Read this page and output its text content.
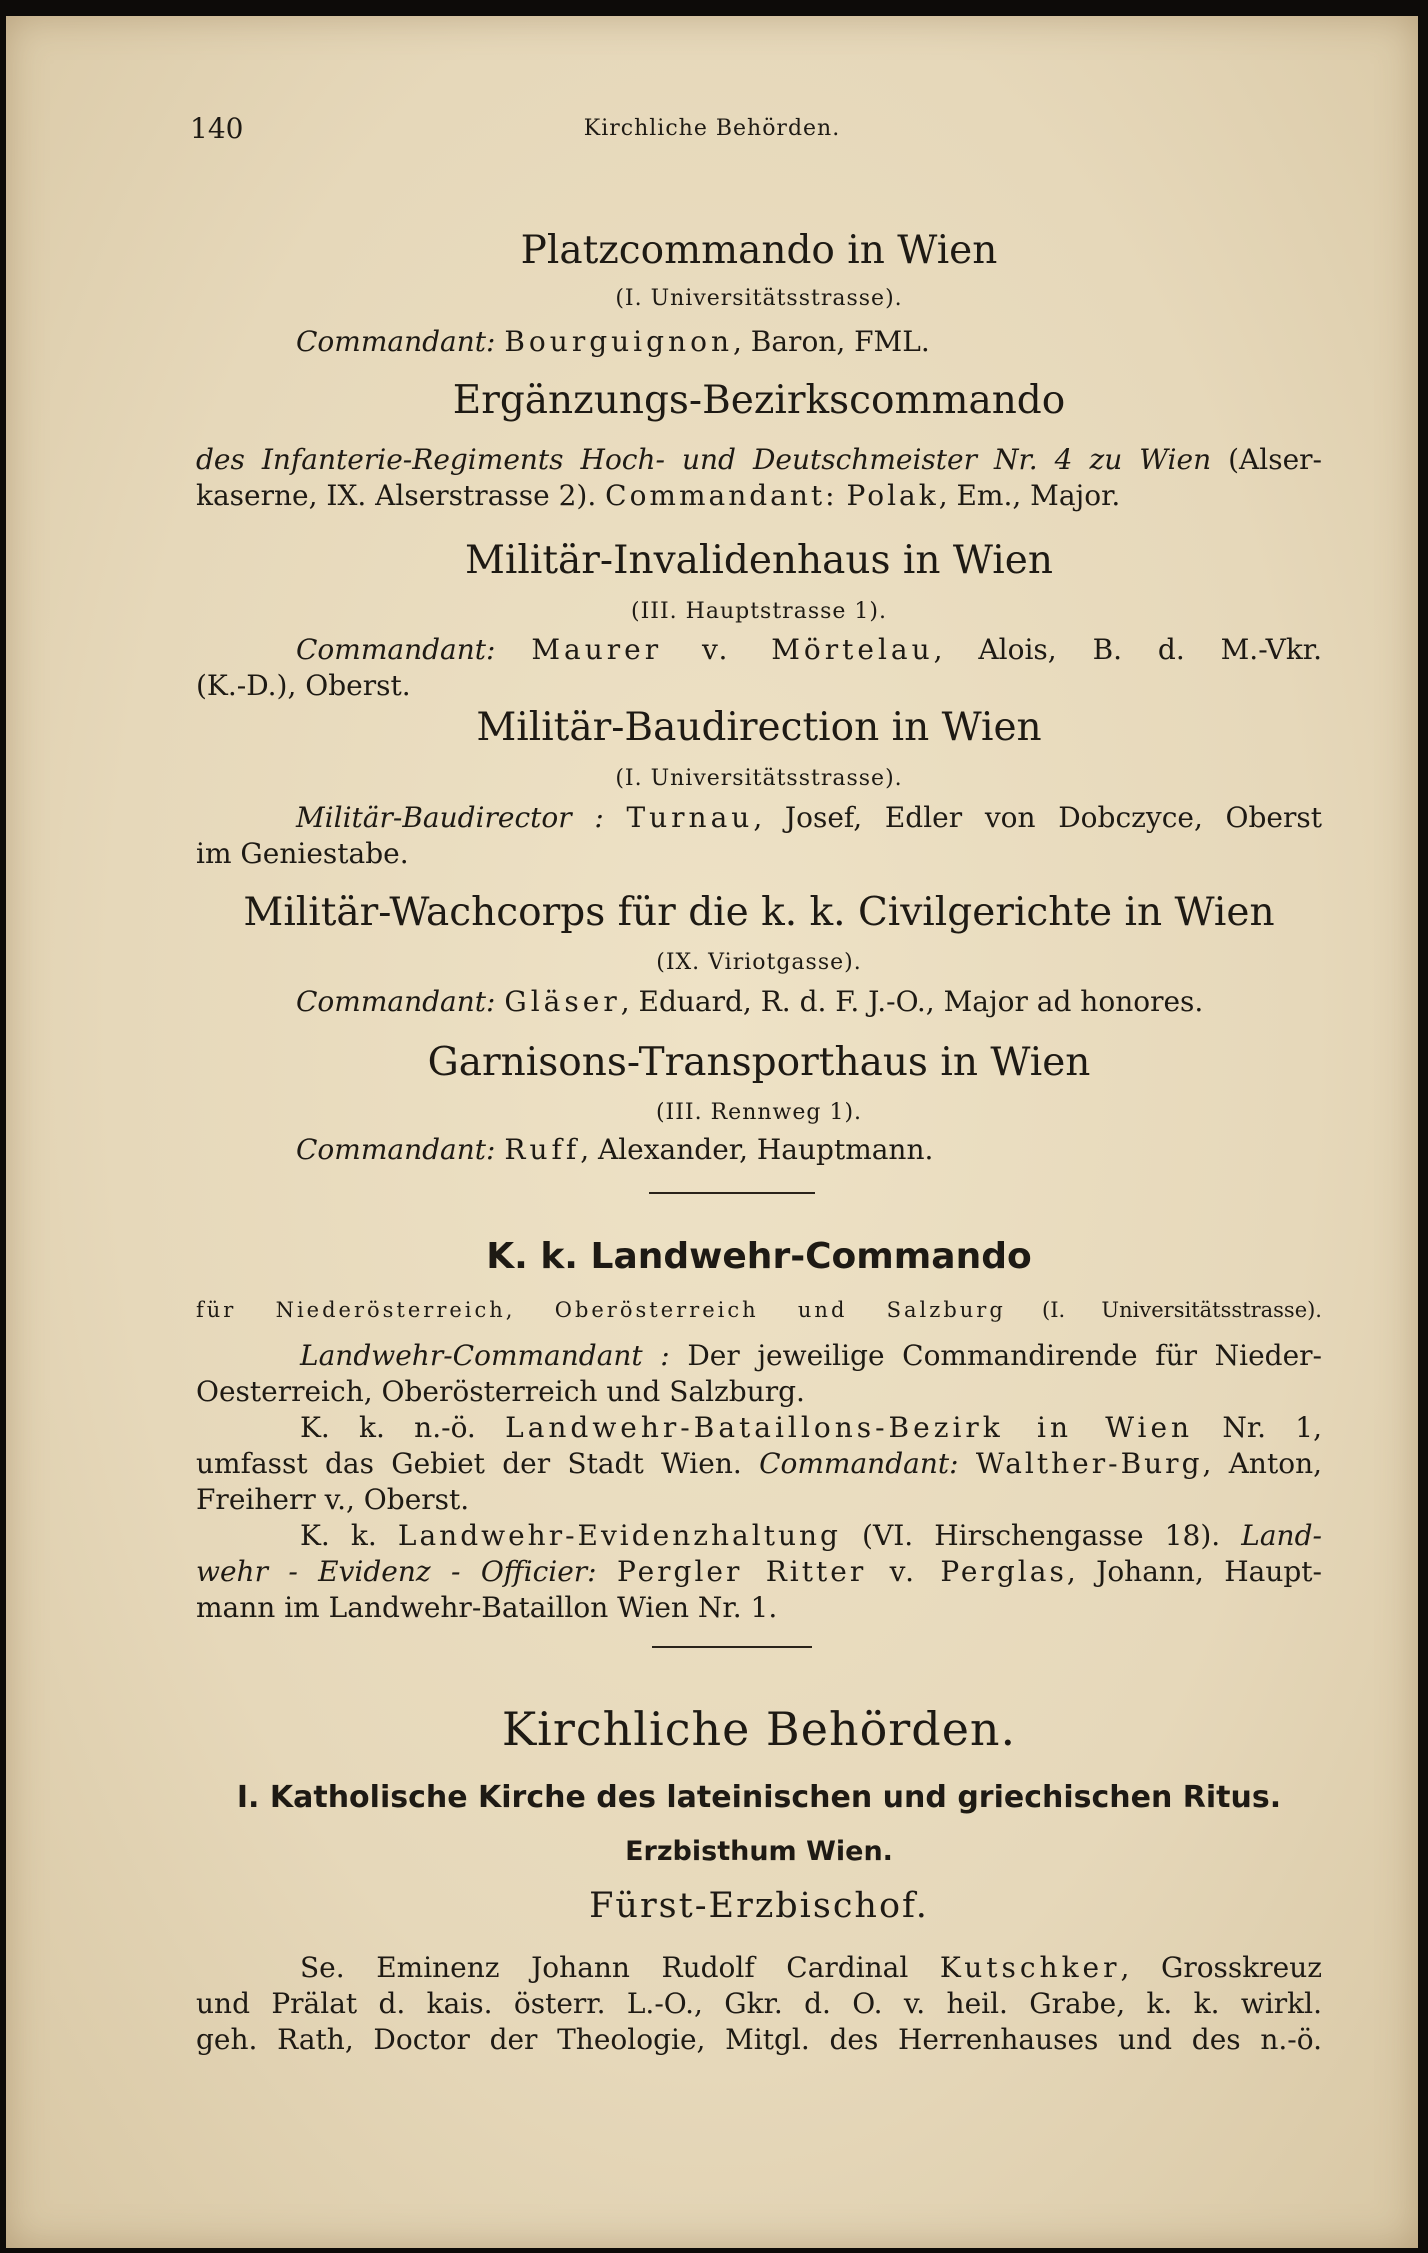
140	Kirchliche Behörden.
Platzcommando in Wien
(I. Universitätsstrasse).
Commandant: Bourguignon, Baron, FML.
Ergänzungs-Bezirkscommando
des Infanterie-Regiments Hoch- und Deutschmeister Nr. 4 zu Wien (Alser-
kaserne, IX. Alserstrasse 2). Commandant: Polak, Em., Major.
Militär-Invalidenhaus in Wien
(III. Hauptstrasse 1).
Commandant: Maurer v. Mörtelau, Alois, B. d. M.-Vkr.
(K.-D.), Oberst.
Militär-Baudirection in Wien
(I. Universitätsstrasse).
Militär-Baudirector : Turnau, Josef, Edler von Dobczyce, Oberst
im Geniestabe.
Militär-Wachcorps für die k. k. Civilgerichte in Wien
(IX. Viriotgasse).
Commandant: Gläser, Eduard, R. d. F. J.-O., Major ad honores.
Garnisons-Transporthaus in Wien
(III. Rennweg 1).
Commandant: Ruff, Alexander, Hauptmann.
K. k. Landwehr-Commando
für Niederösterreich, Oberösterreich und Salzburg (I. Universitätsstrasse).
Landwehr-Commandant : Der jeweilige Commandirende für Nieder-
Oesterreich, Oberösterreich und Salzburg.
K. k. n.-ö. Landwehr-Bataillons-Bezirk in Wien Nr. 1,
umfasst das Gebiet der Stadt Wien. Commandant: Walther-Burg, Anton,
Freiherr v., Oberst.
K. k. Landwehr-Evidenzhaltung (VI. Hirschengasse 18). Land-
wehr - Evidenz - Officier: Pergler Ritter v. Perglas, Johann, Haupt-
mann im Landwehr-Bataillon Wien Nr. 1.
Kirchliche Behörden.
I. Katholische Kirche des lateinischen und griechischen Ritus.
Erzbisthum Wien.
Fürst-Erzbischof.
Se. Eminenz Johann Rudolf Cardinal Kutschker, Grosskreuz
und Prälat d. kais. österr. L.-O., Gkr. d. O. v. heil. Grabe, k. k. wirkl.
geh. Rath, Doctor der Theologie, Mitgl. des Herrenhauses und des n.-ö.
